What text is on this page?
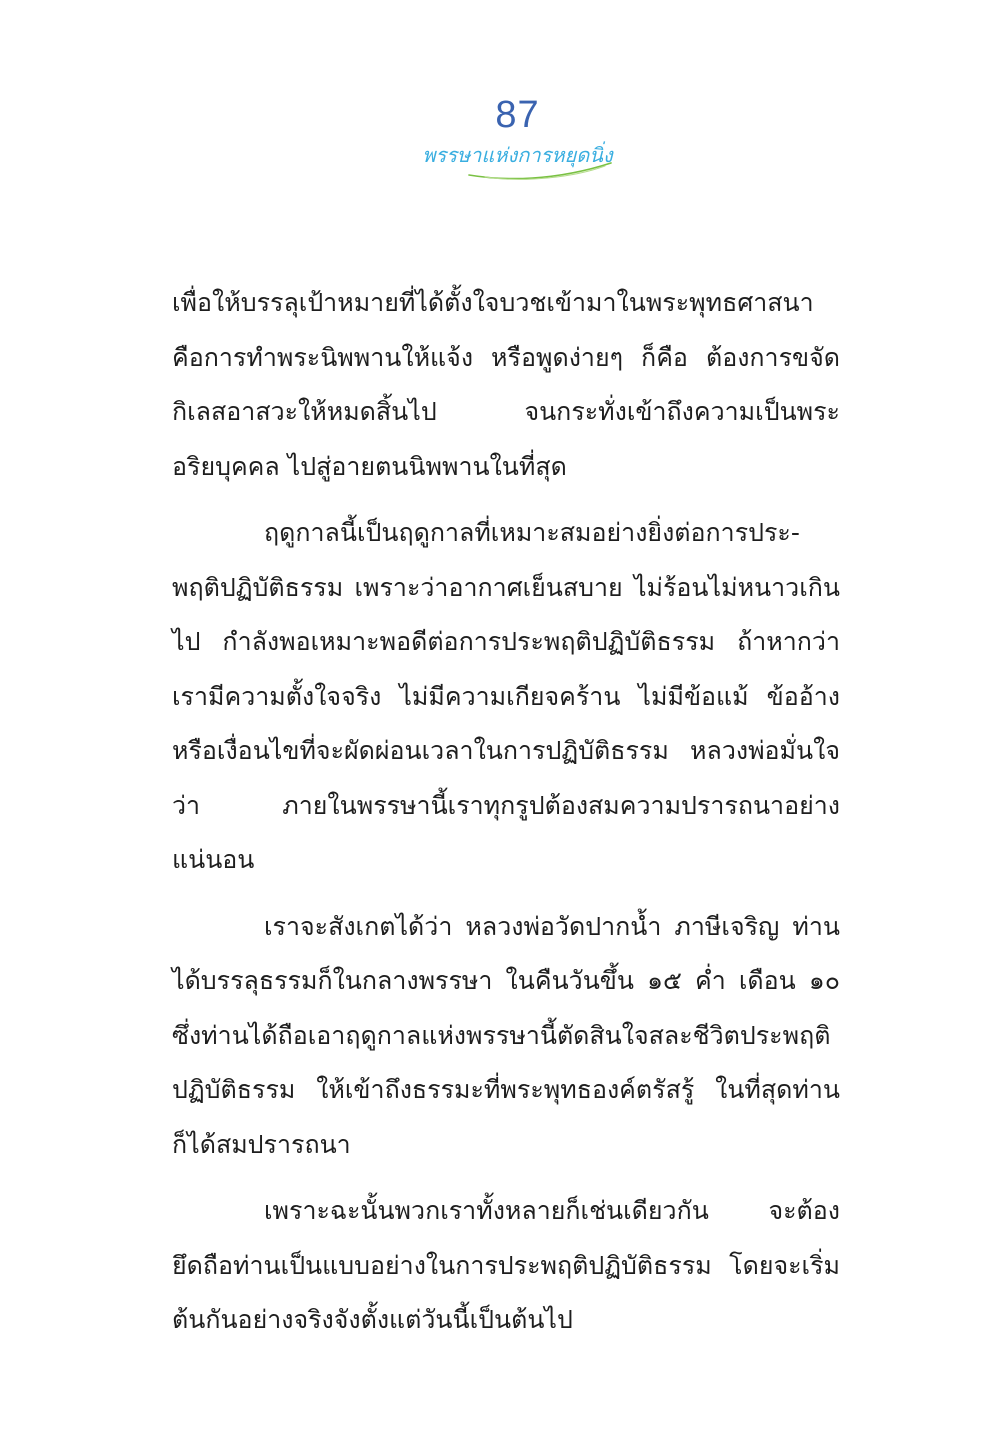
87
พรรษาแห่งการหยุดนิ่ง

เพื่อให้บรรลุเป้าหมายที่ได้ตั้งใจบวชเข้ามาในพระพุทธศาสนา คือการทำพระนิพพานให้แจ้ง หรือพูดง่ายๆ ก็คือ ต้องการขจัดกิเลสอาสวะให้หมดสิ้นไป จนกระทั่งเข้าถึงความเป็นพระอริยบุคคล ไปสู่อายตนนิพพานในที่สุด

ฤดูกาลนี้เป็นฤดูกาลที่เหมาะสมอย่างยิ่งต่อการประ-พฤติปฏิบัติธรรม เพราะว่าอากาศเย็นสบาย ไม่ร้อนไม่หนาวเกินไป กำลังพอเหมาะพอดีต่อการประพฤติปฏิบัติธรรม ถ้าหากว่าเรามีความตั้งใจจริง ไม่มีความเกียจคร้าน ไม่มีข้อแม้ ข้ออ้าง หรือเงื่อนไขที่จะผัดผ่อนเวลาในการปฏิบัติธรรม หลวงพ่อมั่นใจว่า ภายในพรรษานี้เราทุกรูปต้องสมความปรารถนาอย่างแน่นอน

เราจะสังเกตได้ว่า หลวงพ่อวัดปากน้ำ ภาษีเจริญ ท่านได้บรรลุธรรมก็ในกลางพรรษา ในคืนวันขึ้น ๑๕ ค่ำ เดือน ๑๐ ซึ่งท่านได้ถือเอาฤดูกาลแห่งพรรษานี้ตัดสินใจสละชีวิตประพฤติปฏิบัติธรรม ให้เข้าถึงธรรมะที่พระพุทธองค์ตรัสรู้ ในที่สุดท่านก็ได้สมปรารถนา

เพราะฉะนั้นพวกเราทั้งหลายก็เช่นเดียวกัน จะต้องยึดถือท่านเป็นแบบอย่างในการประพฤติปฏิบัติธรรม โดยจะเริ่มต้นกันอย่างจริงจังตั้งแต่วันนี้เป็นต้นไป
